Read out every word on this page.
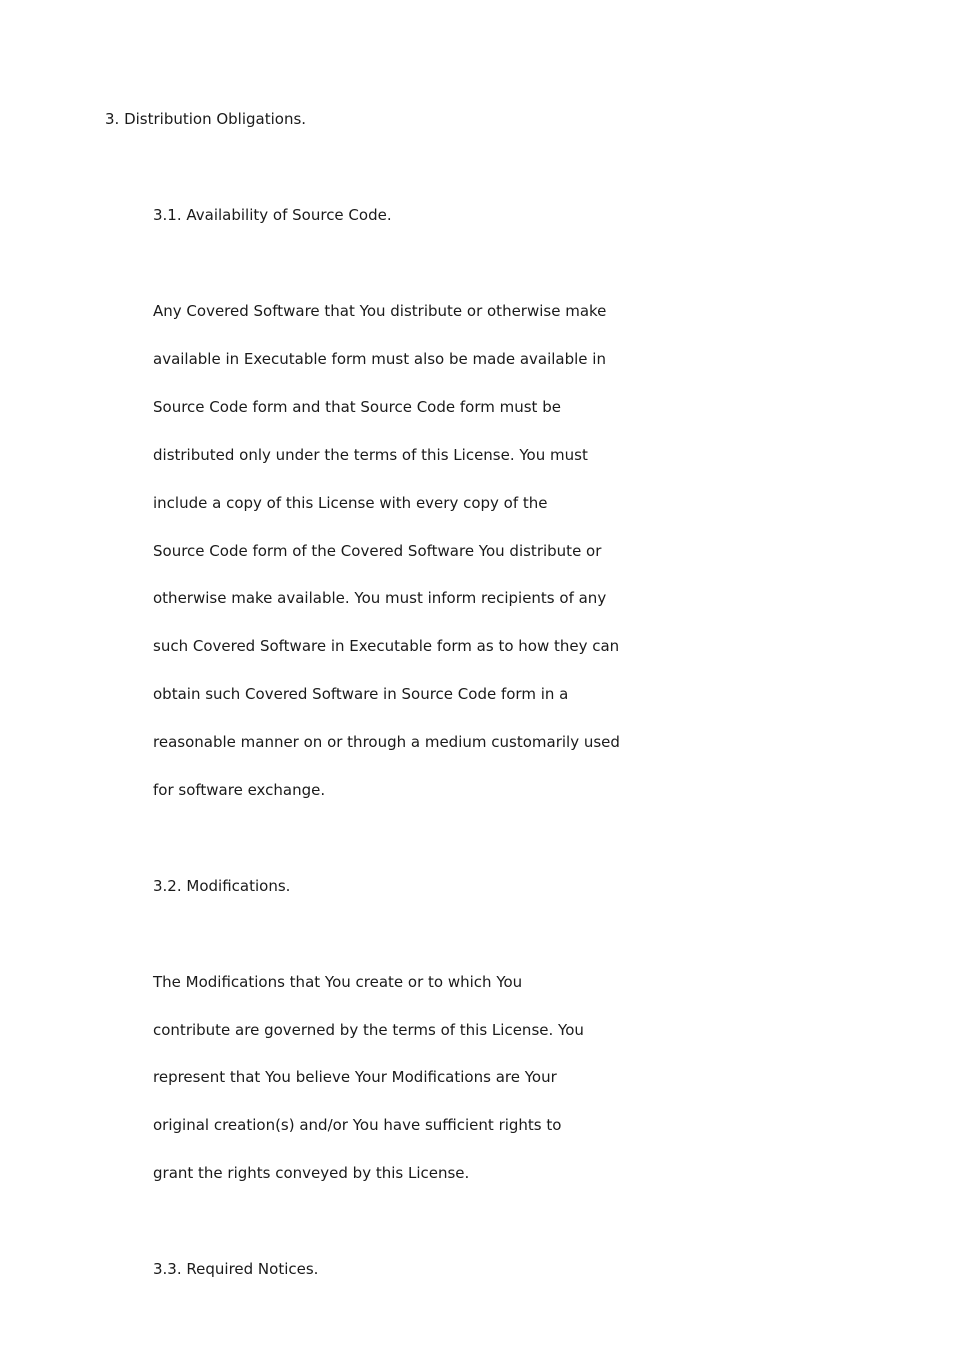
3. Distribution Obligations.
3.1. Availability of Source Code.
Any Covered Software that You distribute or otherwise make
available in Executable form must also be made available in
Source Code form and that Source Code form must be
distributed only under the terms of this License. You must
include a copy of this License with every copy of the
Source Code form of the Covered Software You distribute or
otherwise make available. You must inform recipients of any
such Covered Software in Executable form as to how they can
obtain such Covered Software in Source Code form in a
reasonable manner on or through a medium customarily used
for software exchange.
3.2. Modifications.
The Modifications that You create or to which You
contribute are governed by the terms of this License. You
represent that You believe Your Modifications are Your
original creation(s) and/or You have sufficient rights to
grant the rights conveyed by this License.
3.3. Required Notices.
